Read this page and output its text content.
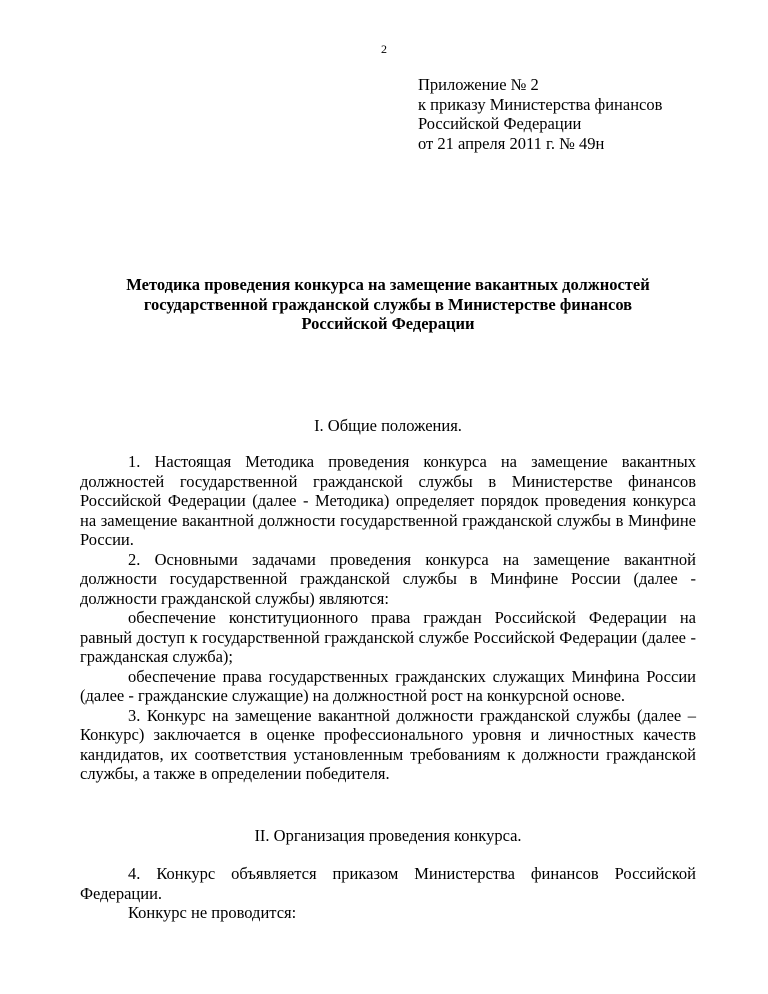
2
Приложение № 2
к приказу Министерства финансов
Российской Федерации
от 21 апреля 2011 г. № 49н
Методика проведения конкурса на замещение вакантных должностей
государственной гражданской службы в Министерстве финансов
Российской Федерации
I. Общие положения.

1. Настоящая Методика проведения конкурса на замещение вакантных должностей государственной гражданской службы в Министерстве финансов Российской Федерации (далее - Методика) определяет порядок проведения конкурса на замещение вакантной должности государственной гражданской службы в Минфине России.

2. Основными задачами проведения конкурса на замещение вакантной должности государственной гражданской службы в Минфине России (далее - должности гражданской службы) являются:

обеспечение конституционного права граждан Российской Федерации на равный доступ к государственной гражданской службе Российской Федерации (далее - гражданская служба);

обеспечение права государственных гражданских служащих Минфина России (далее - гражданские служащие) на должностной рост на конкурсной основе.

3. Конкурс на замещение вакантной должности гражданской службы (далее – Конкурс) заключается в оценке профессионального уровня и личностных качеств кандидатов, их соответствия установленным требованиям к должности гражданской службы, а также в определении победителя.

II. Организация проведения конкурса.

4. Конкурс объявляется приказом Министерства финансов Российской Федерации.

Конкурс не проводится:
